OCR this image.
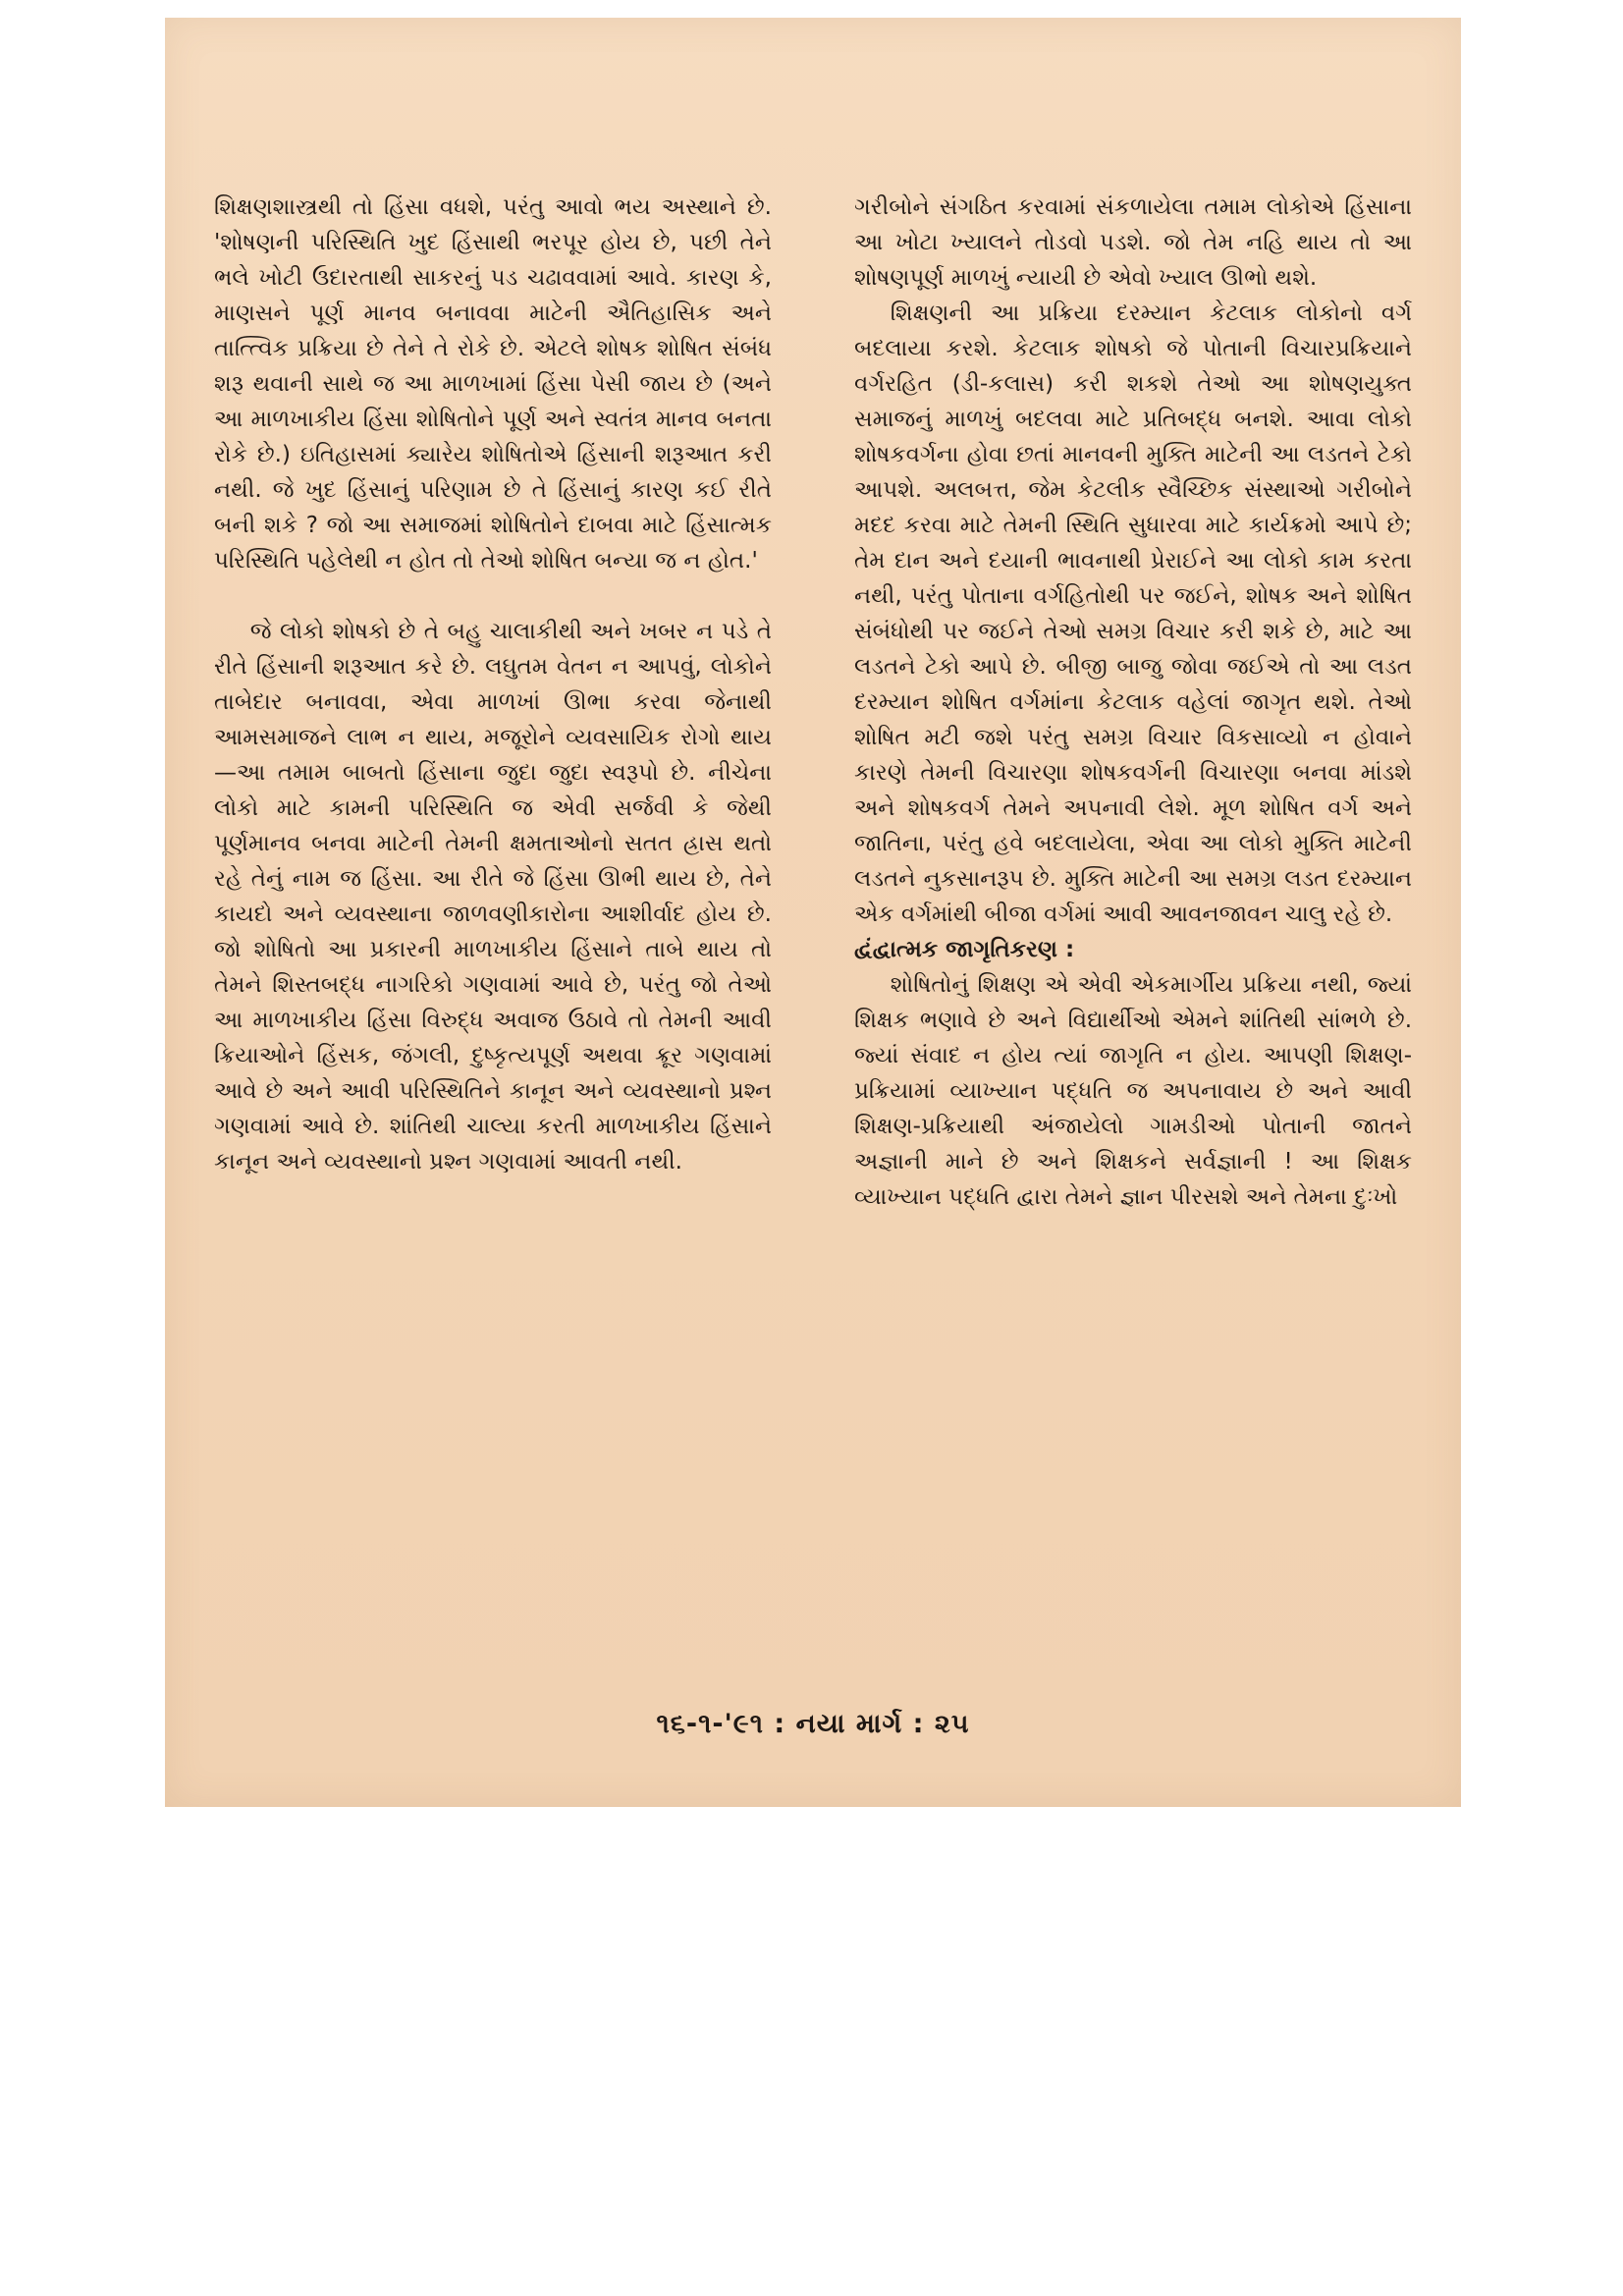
શિક્ષણશાસ્ત્રથી તો હિંસા વધશે, પરંતુ આવો ભય અસ્થાને છે. 'શોષણની પરિસ્થિતિ ખુદ હિંસાથી ભરપૂર હોય છે, પછી તેને ભલે ખોટી ઉદારતાથી સાકરનું પડ ચઢાવવામાં આવે. કારણ કે, માણસને પૂર્ણ માનવ બનાવવા માટેની ઐતિહાસિક અને તાત્ત્વિક પ્રક્રિયા છે તેને તે રોકે છે. એટલે શોષક શોષિત સંબંધ શરૂ થવાની સાથે જ આ માળખામાં હિંસા પેસી જાય છે (અને આ માળખાકીય હિંસા શોષિતોને પૂર્ણ અને સ્વતંત્ર માનવ બનતા રોકે છે.) ઇતિહાસમાં ક્યારેય શોષિતોએ હિંસાની શરૂઆત કરી નથી. જે ખુદ હિંસાનું પરિણામ છે તે હિંસાનું કારણ કઈ રીતે બની શકે ? જો આ સમાજમાં શોષિતોને દાબવા માટે હિંસાત્મક પરિસ્થિતિ પહેલેથી ન હોત તો તેઓ શોષિત બન્યા જ ન હોત.'

જે લોકો શોષકો છે તે બહુ ચાલાકીથી અને ખબર ન પડે તે રીતે હિંસાની શરૂઆત કરે છે. લઘુતમ વેતન ન આપવું, લોકોને તાબેદાર બનાવવા, એવા માળખાં ઊભા કરવા જેનાથી આમસમાજને લાભ ન થાય, મજૂરોને વ્યવસાયિક રોગો થાય—આ તમામ બાબતો હિંસાના જુદા જુદા સ્વરૂપો છે. નીચેના લોકો માટે કામની પરિસ્થિતિ જ એવી સર્જવી કે જેથી પૂર્ણમાનવ બનવા માટેની તેમની ક્ષમતાઓનો સતત હ્રાસ થતો રહે તેનું નામ જ હિંસા. આ રીતે જે હિંસા ઊભી થાય છે, તેને કાયદો અને વ્યવસ્થાના જાળવણીકારોના આશીર્વાદ હોય છે. જો શોષિતો આ પ્રકારની માળખાકીય હિંસાને તાબે થાય તો તેમને શિસ્તબદ્ધ નાગરિકો ગણવામાં આવે છે, પરંતુ જો તેઓ આ માળખાકીય હિંસા વિરુદ્ધ અવાજ ઉઠાવે તો તેમની આવી ક્રિયાઓને હિંસક, જંગલી, દુષ્કૃત્યપૂર્ણ અથવા ક્રૂર ગણવામાં આવે છે અને આવી પરિસ્થિતિને કાનૂન અને વ્યવસ્થાનો પ્રશ્ન ગણવામાં આવે છે. શાંતિથી ચાલ્યા કરતી માળખાકીય હિંસાને કાનૂન અને વ્યવસ્થાનો પ્રશ્ન ગણવામાં આવતી નથી.

ગરીબોને સંગઠિત કરવામાં સંકળાયેલા તમામ લોકોએ હિંસાના આ ખોટા ખ્યાલને તોડવો પડશે. જો તેમ નહિ થાય તો આ શોષણપૂર્ણ માળખું ન્યાયી છે એવો ખ્યાલ ઊભો થશે.

શિક્ષણની આ પ્રક્રિયા દરમ્યાન કેટલાક લોકોનો વર્ગ બદલાયા કરશે. કેટલાક શોષકો જે પોતાની વિચારપ્રક્રિયાને વર્ગરહિત (ડી-કલાસ) કરી શકશે તેઓ આ શોષણયુક્ત સમાજનું માળખું બદલવા માટે પ્રતિબદ્ધ બનશે. આવા લોકો શોષકવર્ગના હોવા છતાં માનવની મુક્તિ માટેની આ લડતને ટેકો આપશે. અલબત્ત, જેમ કેટલીક સ્વૈચ્છિક સંસ્થાઓ ગરીબોને મદદ કરવા માટે તેમની સ્થિતિ સુધારવા માટે કાર્યક્રમો આપે છે; તેમ દાન અને દયાની ભાવનાથી પ્રેરાઈને આ લોકો કામ કરતા નથી, પરંતુ પોતાના વર્ગહિતોથી પર જઈને, શોષક અને શોષિત સંબંધોથી પર જઈને તેઓ સમગ્ર વિચાર કરી શકે છે, માટે આ લડતને ટેકો આપે છે. બીજી બાજુ જોવા જઈએ તો આ લડત દરમ્યાન શોષિત વર્ગમાંના કેટલાક વહેલાં જાગૃત થશે. તેઓ શોષિત મટી જશે પરંતુ સમગ્ર વિચાર વિકસાવ્યો ન હોવાને કારણે તેમની વિચારણા શોષકવર્ગની વિચારણા બનવા માંડશે અને શોષકવર્ગ તેમને અપનાવી લેશે. મૂળ શોષિત વર્ગ અને જાતિના, પરંતુ હવે બદલાયેલા, એવા આ લોકો મુક્તિ માટેની લડતને નુકસાનરૂપ છે. મુક્તિ માટેની આ સમગ્ર લડત દરમ્યાન એક વર્ગમાંથી બીજા વર્ગમાં આવી આવનજાવન ચાલુ રહે છે.

દ્વંદ્વાત્મક જાગૃતિકરણ :

શોષિતોનું શિક્ષણ એ એવી એકમાર્ગીય પ્રક્રિયા નથી, જ્યાં શિક્ષક ભણાવે છે અને વિદ્યાર્થીઓ એમને શાંતિથી સાંભળે છે. જ્યાં સંવાદ ન હોય ત્યાં જાગૃતિ ન હોય. આપણી શિક્ષણ-પ્રક્રિયામાં વ્યાખ્યાન પદ્ધતિ જ અપનાવાય છે અને આવી શિક્ષણ-પ્રક્રિયાથી અંજાયેલો ગામડીઓ પોતાની જાતને અજ્ઞાની માને છે અને શિક્ષકને સર્વજ્ઞાની ! આ શિક્ષક વ્યાખ્યાન પદ્ધતિ દ્વારા તેમને જ્ઞાન પીરસશે અને તેમના દુઃખો

૧૬-૧-'૯૧ : નયા માર્ગ : ૨૫
